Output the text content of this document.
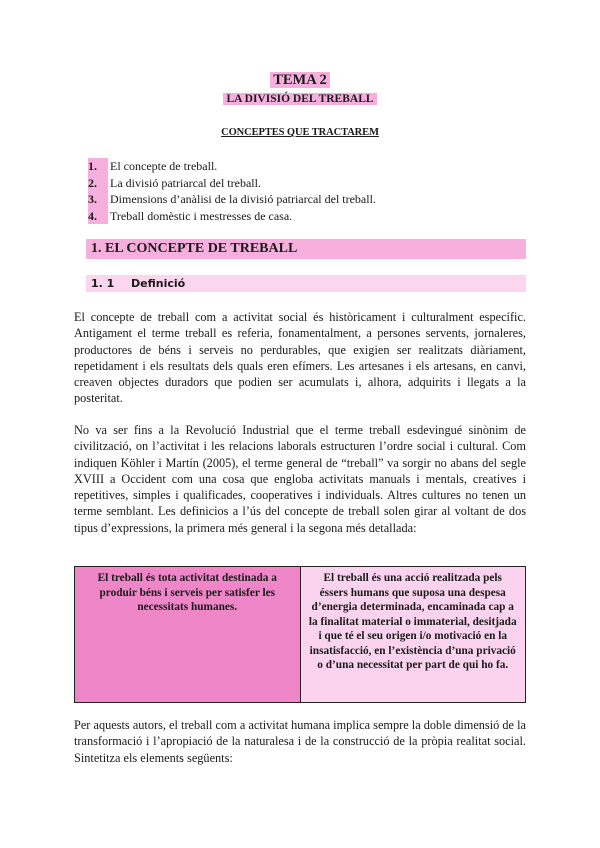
TEMA 2
LA DIVISIÓ DEL TREBALL
CONCEPTES QUE TRACTAREM
1.	El concepte de treball.
2.	La divisió patriarcal del treball.
3.	Dimensions d’anàlisi de la divisió patriarcal del treball.
4.	Treball domèstic i mestresses de casa.
1. EL CONCEPTE DE TREBALL
1. 1 Definició

El concepte de treball com a activitat social és històricament i culturalment específic. Antigament el terme treball es referia, fonamentalment, a persones servents, jornaleres, productores de béns i serveis no perdurables, que exigien ser realitzats diàriament, repetidament i els resultats dels quals eren efímers. Les artesanes i els artesans, en canvi, creaven objectes duradors que podien ser acumulats i, alhora, adquirits i llegats a la posteritat.

No va ser fins a la Revolució Industrial que el terme treball esdevingué sinònim de civilització, on l’activitat i les relacions laborals estructuren l’ordre social i cultural. Com indiquen Köhler i Martín (2005), el terme general de “treball” va sorgir no abans del segle XVIII a Occident com una cosa que engloba activitats manuals i mentals, creatives i repetitives, simples i qualificades, cooperatives i individuals. Altres cultures no tenen un terme semblant. Les definicios a l’ús del concepte de treball solen girar al voltant de dos tipus d’expressions, la primera més general i la segona més detallada:

El treball és tota activitat destinada a produir béns i serveis per satisfer les necessitats humanes.	El treball és una acció realitzada pels éssers humans que suposa una despesa d’energia determinada, encaminada cap a la finalitat material o immaterial, desitjada i que té el seu origen i/o motivació en la insatisfacció, en l’existència d’una privació o d’una necessitat per part de qui ho fa.

Per aquests autors, el treball com a activitat humana implica sempre la doble dimensió de la transformació i l’apropiació de la naturalesa i de la construcció de la pròpia realitat social. Sintetitza els elements següents:
